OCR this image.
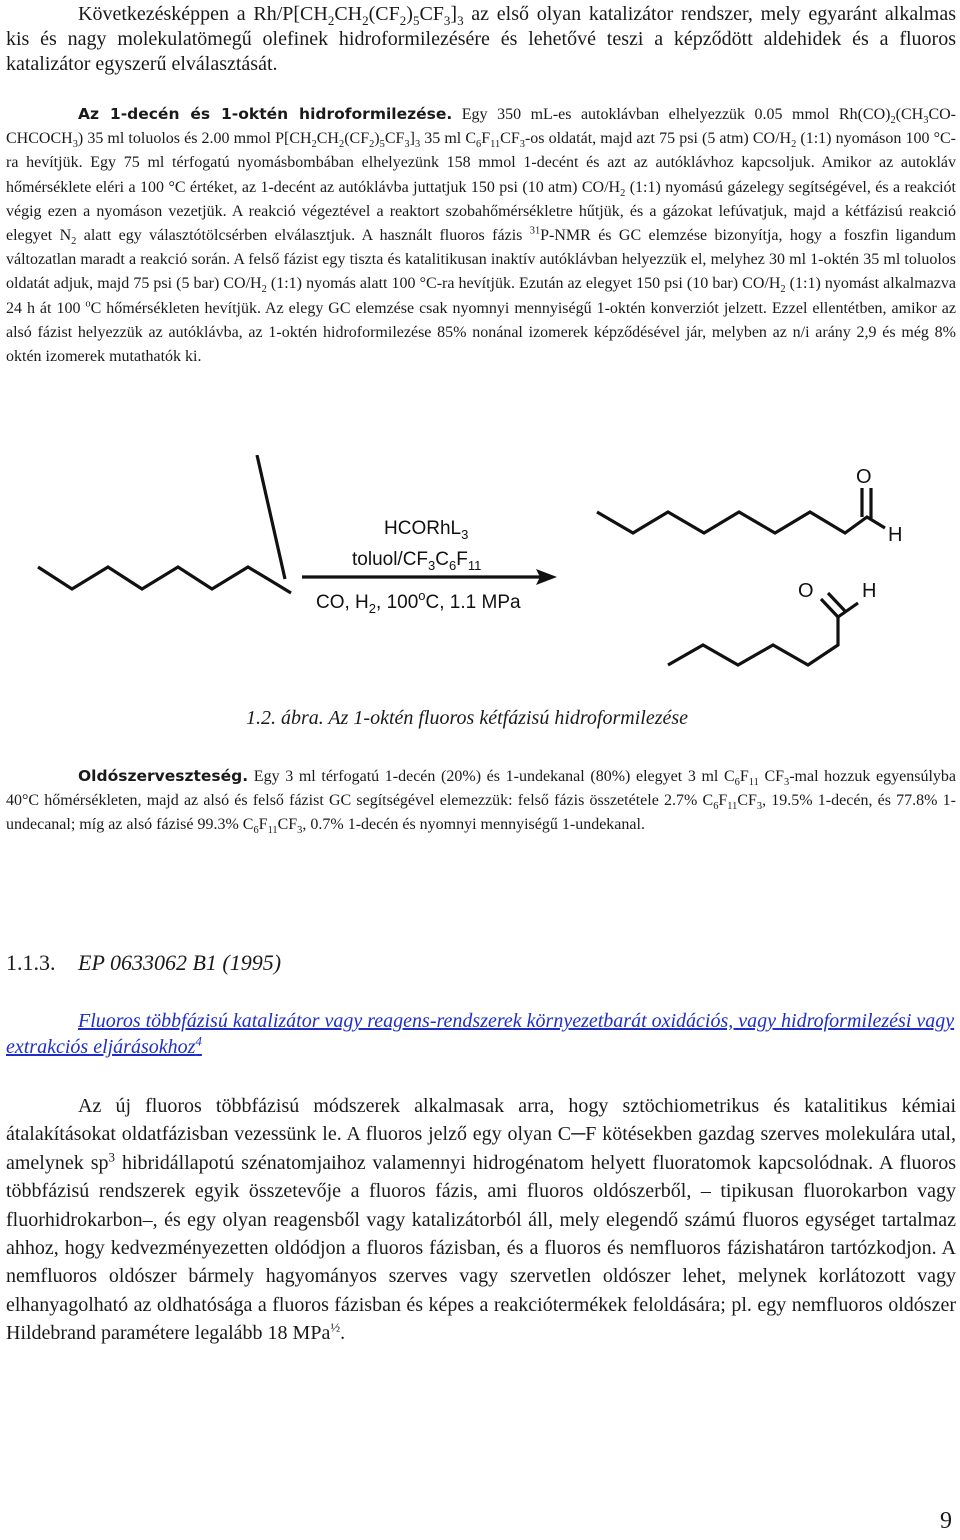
Következésképpen a $Rh/P[CH_2CH_2(CF_2)_5CF_3]_3$ az első olyan katalizátor rendszer, mely egyaránt alkalmas kis és nagy molekulatömegű olefinek hidroformilezésére és lehetővé teszi a képződött aldehidek és a fluoros katalizátor egyszerű elválasztását.

Az 1-decén és 1-oktén hidroformilezése. Egy 350 mL-es autoklávban elhelyezzük 0.05 mmol $Rh(CO)_2(CH_3CO-$ $CHCOCH_3$) 35 ml toluolos és 2.00 mmol $P[CH_2CH_2(CF_2)_5CF_3]_3$ 35 ml $C_6F_{11}CF_3-os$ oldatát, majd azt 75 psi (5 atm) $CO/H_2$ (1:1) nyomáson 100 °C-ra hevítjük. Egy 75 ml térfogatú nyomásbombában elhelyezünk 158 mmol 1-decént és azt az autóklávhoz kapcsoljuk. Amikor az autokláv hőmérséklete eléri a 100 °C értéket, az 1-decént az autóklávba juttatjuk 150 psi (10 atm) $CO/H_2$ (1:1) nyomású gázelegy segítségével, és a reakciót végig ezen a nyomáson vezetjük. A reakció végeztével a reaktort szobahőmérsékletre hűtjük, és a gázokat lefúvatjuk, majd a kétfázisú reakció elegyet $N_2$ alatt egy választótölcsérben elválasztjuk. A használt fluoros fázis $^{31}$P-NMR és GC elemzése bizonyítja, hogy a foszfin ligandum változatlan maradt a reakció során. A felső fázist egy tiszta és katalitikusan inaktív autóklávban helyezzük el, melyhez 30 ml 1-oktén 35 ml toluolos oldatát adjuk, majd 75 psi (5 bar) $CO/H_2$ (1:1) nyomás alatt 100 °C-ra hevítjük. Ezután az elegyet 150 psi (10 bar) $CO/H_2$ (1:1) nyomást alkalmazva 24 h át 100 $^o$C hőmérsékleten hevítjük. Az elegy GC elemzése csak nyomnyi mennyiségű 1-oktén konverziót jelzett. Ezzel ellentétben, amikor az alsó fázist helyezzük az autóklávba, az 1-oktén hidroformilezése 85% nonánal izomerek képződésével jár, melyben az n/i arány 2,9 és még 8% oktén izomerek mutathatók ki.

HCORhL$_3$
toluol/$CF_3C_6F_{11}$
CO, $H_2$, 100$^o$C, 1.1 MPa
O
H
O H

1.2. ábra. Az 1-oktén fluoros kétfázisú hidroformilezése

Oldószerveszteség. Egy 3 ml térfogatú 1-decén (20%) és 1-undekanal (80%) elegyet 3 ml $C_6F_{11}$ $CF_3$-mal hozzuk egyensúlyba 40°C hőmérsékleten, majd az alsó és felső fázist GC segítségével elemezzük: felső fázis összetétele 2.7% $C_6F_{11}CF_3$, 19.5% 1-decén, és 77.8% 1-undecanal; míg az alsó fázisé 99.3% $C_6F_{11}CF_3$, 0.7% 1-decén és nyomnyi mennyiségű 1-undekanal.

1.1.3. EP 0633062 B1 (1995)

Fluoros többfázisú katalizátor vagy reagens-rendszerek környezetbarát oxidációs, vagy hidroformilezési vagy extrakciós eljárásokhoz$^4$

Az új fluoros többfázisú módszerek alkalmasak arra, hogy sztöchiometrikus és katalitikus kémiai átalakításokat oldatfázisban vezessünk le. A fluoros jelző egy olyan C─F kötésekben gazdag szerves molekulára utal, amelynek $sp^3$ hibridállapotú szénatomjaihoz valamennyi hidrogénatom helyett fluoratomok kapcsolódnak. A fluoros többfázisú rendszerek egyik összetevője a fluoros fázis, ami fluoros oldószerből, – tipikusan fluorokarbon vagy fluorhidrokarbon–, és egy olyan reagensből vagy katalizátorból áll, mely elegendő számú fluoros egységet tartalmaz ahhoz, hogy kedvezményezetten oldódjon a fluoros fázisban, és a fluoros és nemfluoros fázishatáron tartózkodjon. A nemfluoros oldószer bármely hagyományos szerves vagy szervetlen oldószer lehet, melynek korlátozott vagy elhanyagolható az oldhatósága a fluoros fázisban és képes a reakciótermékek feloldására; pl. egy nemfluoros oldószer Hildebrand paramétere legalább 18 MPa$^{\frac{1}{2}}$.

9
